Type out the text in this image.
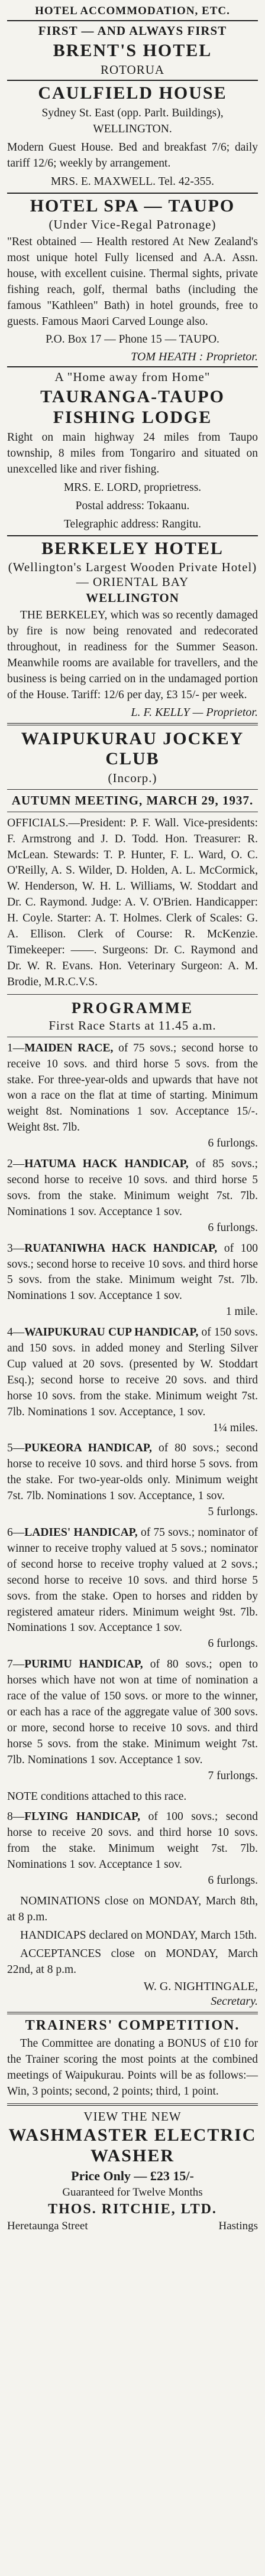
HOTEL ACCOMMODATION, ETC.
FIRST — AND ALWAYS FIRST
BRENT'S HOTEL
ROTORUA
CAULFIELD HOUSE
Sydney St. East (opp. Parlt. Buildings), WELLINGTON.
Modern Guest House. Bed and breakfast 7/6; daily tariff 12/6; weekly by arrangement.
MRS. E. MAXWELL. Tel. 42-355.
HOTEL SPA — TAUPO
(Under Vice-Regal Patronage)
"Rest obtained — Health restored At New Zealand's most unique hotel Fully licensed and A.A. Assn. house, with excellent cuisine. Thermal sights, private fishing reach, golf, thermal baths (including the famous "Kathleen" Bath) in hotel grounds, free to guests. Famous Maori Carved Lounge also.
P.O. Box 17 — Phone 15 — TAUPO.
TOM HEATH : Proprietor.
A "Home away from Home"
TAURANGA-TAUPO FISHING LODGE
Right on main highway 24 miles from Taupo township, 8 miles from Tongariro and situated on unexcelled like and river fishing.
MRS. E. LORD, proprietress.
Postal address: Tokaanu.
Telegraphic address: Rangitu.
BERKELEY HOTEL
(Wellington's Largest Wooden Private Hotel) — ORIENTAL BAY
WELLINGTON
THE BERKELEY, which was so recently damaged by fire is now being renovated and redecorated throughout, in readiness for the Summer Season. Meanwhile rooms are available for travellers, and the business is being carried on in the undamaged portion of the House. Tariff: 12/6 per day, £3 15/- per week.
L. F. KELLY — Proprietor.
WAIPUKURAU JOCKEY CLUB
(Incorp.)
AUTUMN MEETING, MARCH 29, 1937.
OFFICIALS.—President: P. F. Wall. Vice-presidents: F. Armstrong and J. D. Todd. Hon. Treasurer: R. McLean. Stewards: T. P. Hunter, F. L. Ward, O. C. O'Reilly, A. S. Wilder, D. Holden, A. L. McCormick, W. Henderson, W. H. L. Williams, W. Stoddart and Dr. C. Raymond. Judge: A. V. O'Brien. Handicapper: H. Coyle. Starter: A. T. Holmes. Clerk of Scales: G. A. Ellison. Clerk of Course: R. McKenzie. Timekeeper: ——. Surgeons: Dr. C. Raymond and Dr. W. R. Evans. Hon. Veterinary Surgeon: A. M. Brodie, M.R.C.V.S.
PROGRAMME
First Race Starts at 11.45 a.m.
1—MAIDEN RACE, of 75 sovs.; second horse to receive 10 sovs. and third horse 5 sovs. from the stake. For three-year-olds and upwards that have not won a race on the flat at time of starting. Minimum weight 8st. Nominations 1 sov. Acceptance 15/-. Weight 8st. 7lb.
6 furlongs.
2—HATUMA HACK HANDICAP, of 85 sovs.; second horse to receive 10 sovs. and third horse 5 sovs. from the stake. Minimum weight 7st. 7lb. Nominations 1 sov. Acceptance 1 sov.
6 furlongs.
3—RUATANIWHA HACK HANDICAP, of 100 sovs.; second horse to receive 10 sovs. and third horse 5 sovs. from the stake. Minimum weight 7st. 7lb. Nominations 1 sov. Acceptance 1 sov.
1 mile.
4—WAIPUKURAU CUP HANDICAP, of 150 sovs. and 150 sovs. in added money and Sterling Silver Cup valued at 20 sovs. (presented by W. Stoddart Esq.); second horse to receive 20 sovs. and third horse 10 sovs. from the stake. Minimum weight 7st. 7lb. Nominations 1 sov. Acceptance, 1 sov.
1¼ miles.
5—PUKEORA HANDICAP, of 80 sovs.; second horse to receive 10 sovs. and third horse 5 sovs. from the stake. For two-year-olds only. Minimum weight 7st. 7lb. Nominations 1 sov. Acceptance, 1 sov.
5 furlongs.
6—LADIES' HANDICAP, of 75 sovs.; nominator of winner to receive trophy valued at 5 sovs.; nominator of second horse to receive trophy valued at 2 sovs.; second horse to receive 10 sovs. and third horse 5 sovs. from the stake. Open to horses and ridden by registered amateur riders. Minimum weight 9st. 7lb. Nominations 1 sov. Acceptance 1 sov.
6 furlongs.
7—PURIMU HANDICAP, of 80 sovs.; open to horses which have not won at time of nomination a race of the value of 150 sovs. or more to the winner, or each has a race of the aggregate value of 300 sovs. or more, second horse to receive 10 sovs. and third horse 5 sovs. from the stake. Minimum weight 7st. 7lb. Nominations 1 sov. Acceptance 1 sov.
7 furlongs.
NOTE conditions attached to this race.
8—FLYING HANDICAP, of 100 sovs.; second horse to receive 20 sovs. and third horse 10 sovs. from the stake. Minimum weight 7st. 7lb. Nominations 1 sov. Acceptance 1 sov.
6 furlongs.
NOMINATIONS close on MONDAY, March 8th, at 8 p.m.
HANDICAPS declared on MONDAY, March 15th.
ACCEPTANCES close on MONDAY, March 22nd, at 8 p.m.
W. G. NIGHTINGALE,
Secretary.
TRAINERS' COMPETITION.
The Committee are donating a BONUS of £10 for the Trainer scoring the most points at the combined meetings of Waipukurau. Points will be as follows:—Win, 3 points; second, 2 points; third, 1 point.
VIEW THE NEW
WASHMASTER ELECTRIC WASHER
Price Only — £23 15/-
Guaranteed for Twelve Months
THOS. RITCHIE, LTD.
Heretaunga Street	Hastings
